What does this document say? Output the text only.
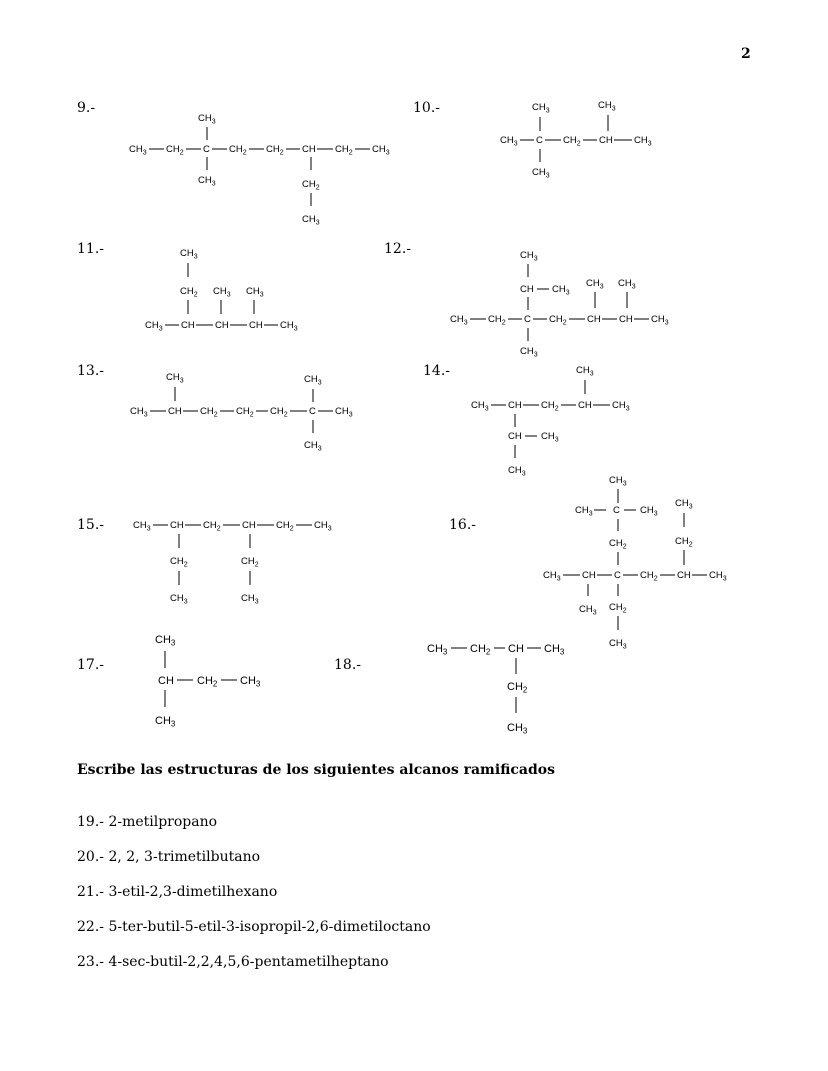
2
9.-	10.-
11.-	12.-
13.-	14.-
15.-	16.-
17.-	18.-
$CH_3$ $CH_2$ C $CH_2$ $CH_2$ CH $CH_2$ $CH_3$
$CH_3$
$CH_3$	$CH_2$
$CH_3$
$CH_3$ C $CH_2$ CH $CH_3$
$CH_3$	$CH_3$
$CH_3$
$CH_3$ CH CH CH $CH_3$
$CH_3$
$CH_2$ $CH_3$ $CH_3$
$CH_3$ $CH_2$ C $CH_2$ CH CH $CH_3$
$CH_3$
CH $CH_3$
$CH_3$ $CH_3$
$CH_3$
$CH_3$ CH $CH_2$ $CH_2$ $CH_2$ C $CH_3$
$CH_3$	$CH_3$
$CH_3$
$CH_3$ CH $CH_2$ CH $CH_3$
$CH_3$
CH $CH_3$
$CH_3$
$CH_3$ CH $CH_2$ CH $CH_2$ $CH_3$
$CH_2$
$CH_3$
$CH_2$
$CH_3$
$CH_3$ CH C $CH_2$ CH $CH_3$
$CH_3$
$CH_3$ C $CH_3$
$CH_2$
$CH_3$
$CH_2$
$CH_3$ $CH_2$
$CH_3$
$CH_3$
CH $CH_2$ $CH_3$
$CH_3$
$CH_3$ $CH_2$ CH $CH_3$
$CH_2$
$CH_3$
Escribe las estructuras de los siguientes alcanos ramificados
19.- 2-metilpropano
20.- 2, 2, 3-trimetilbutano
21.- 3-etil-2,3-dimetilhexano
22.- 5-ter-butil-5-etil-3-isopropil-2,6-dimetiloctano
23.- 4-sec-butil-2,2,4,5,6-pentametilheptano
